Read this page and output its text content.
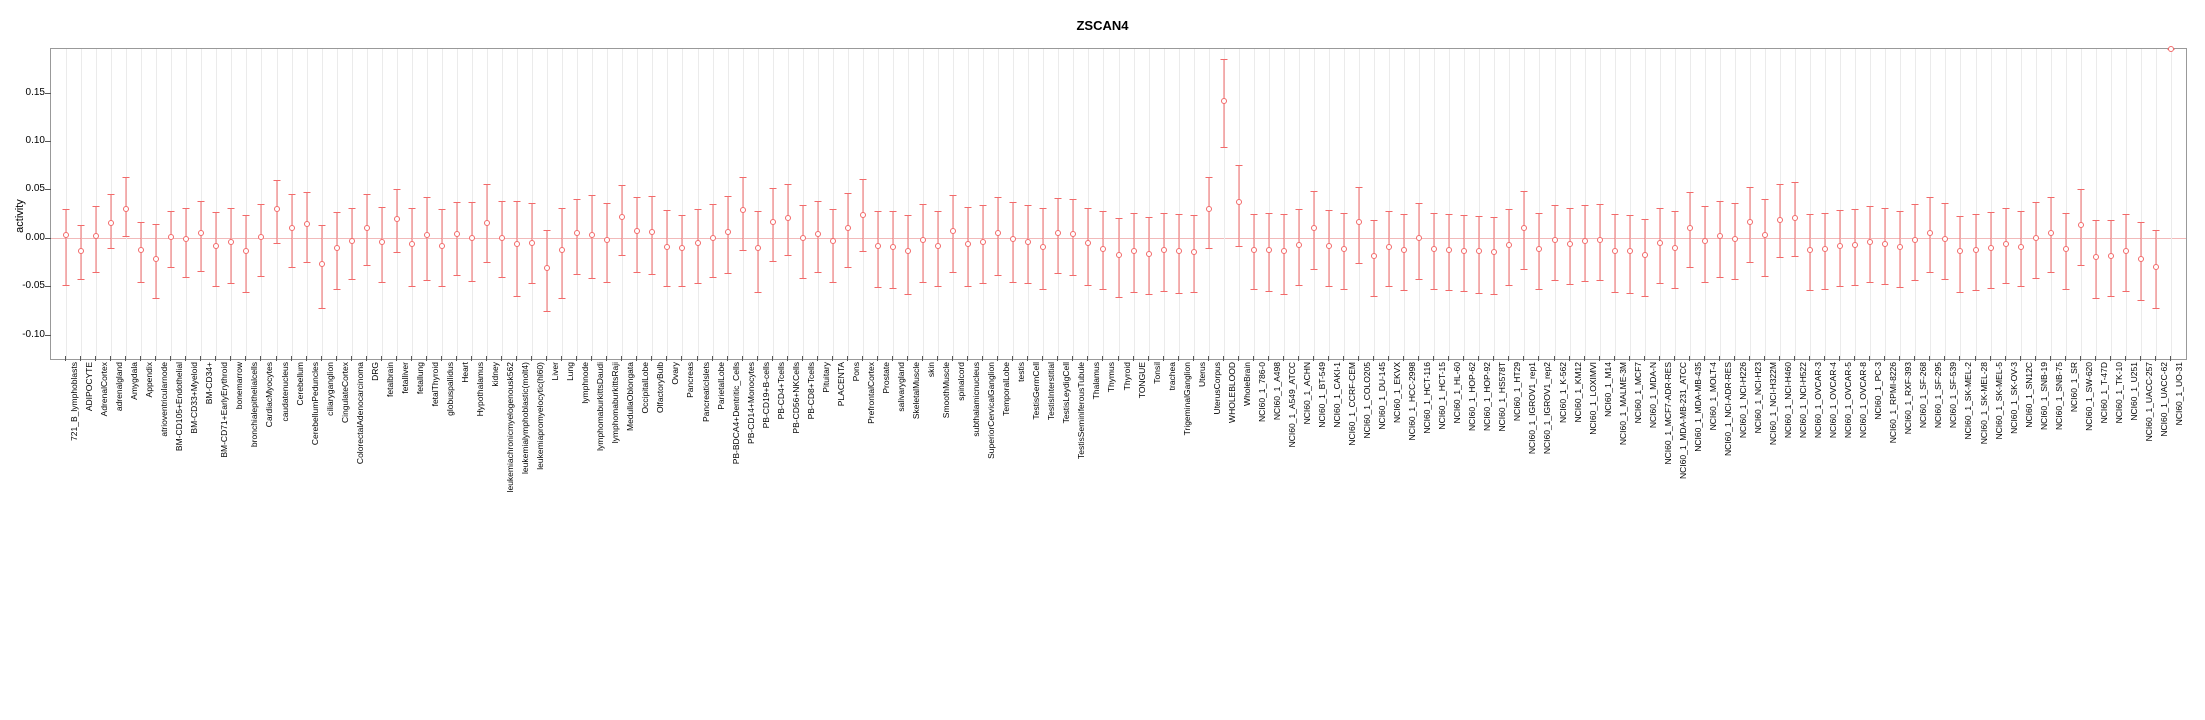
ZSCAN4
activity
-0.10
-0.05
0.00
0.05
0.10
0.15
721_B_lymphoblasts ADIPOCYTE AdrenalCortex adrenalgland Amygdala Appendix atrioventricularnode BM-CD105+Endothelial BM-CD33+Myeloid BM-CD34+ BM-CD71+EarlyErythroid bonemarrow bronchialepithelialcells CardiacMyocytes caudatenucleus Cerebellum CerebellumPeduncles ciliaryganglion CingulateCortex ColorectalAdenocarcinoma DRG fetalbrain fetalliver fetallung fetalThyroid globuspallidus Heart Hypothalamus kidney leukemiachronicmyelogenousk562 leukemialymphoblastic(molt4) leukemiapromyelocytic(hl60) Liver Lung lymphnode lymphomaburkittsDaudi lymphomaburkittsRaji MedullaOblongata OccipitalLobe OlfactoryBulb Ovary Pancreas PancreaticIslets ParietalLobe PB-BDCA4+Dentritic_Cells PB-CD14+Monocytes PB-CD19+B-cells PB-CD4+Tcells PB-CD56+NKCells PB-CD8+Tcells Pituitary PLACENTA Pons PrefrontalCortex Prostate salivarygland SkeletalMuscle skin SmoothMuscle spinalcord subthalamicnucleus SuperiorCervicalGanglion TemporalLobe testis TestisGermCell TestisInterstitial TestisLeydigCell TestisSeminiferousTubule Thalamus Thymus Thyroid TONGUE Tonsil trachea TrigeminalGanglion Uterus UterusCorpus WHOLEBLOOD WholeBrain NCI60_1_786-0 NCI60_1_A498 NCI60_1_A549_ATCC NCI60_1_ACHN NCI60_1_BT-549 NCI60_1_CAKI-1 NCI60_1_CCRF-CEM NCI60_1_COLO205 NCI60_1_DU-145 NCI60_1_EKVX NCI60_1_HCC-2998 NCI60_1_HCT-116 NCI60_1_HCT-15 NCI60_1_HL-60 NCI60_1_HOP-62 NCI60_1_HOP-92 NCI60_1_HS578T NCI60_1_HT29 NCI60_1_IGROV1_rep1 NCI60_1_IGROV1_rep2 NCI60_1_K-562 NCI60_1_KM12 NCI60_1_LOXIMVI NCI60_1_M14 NCI60_1_MALME-3M NCI60_1_MCF7 NCI60_1_MDA-N NCI60_1_MCF7-ADR-RES NCI60_1_MDA-MB-231_ATCC NCI60_1_MDA-MB-435 NCI60_1_MOLT-4 NCI60_1_NCI-ADR-RES NCI60_1_NCI-H226 NCI60_1_NCI-H23 NCI60_1_NCI-H322M NCI60_1_NCI-H460 NCI60_1_NCI-H522 NCI60_1_OVCAR-3 NCI60_1_OVCAR-4 NCI60_1_OVCAR-5 NCI60_1_OVCAR-8 NCI60_1_PC-3 NCI60_1_RPMI-8226 NCI60_1_RXF-393 NCI60_1_SF-268 NCI60_1_SF-295 NCI60_1_SF-539 NCI60_1_SK-MEL-2 NCI60_1_SK-MEL-28 NCI60_1_SK-MEL-5 NCI60_1_SK-OV-3 NCI60_1_SN12C NCI60_1_SNB-19 NCI60_1_SNB-75 NCI60_1_SR NCI60_1_SW-620 NCI60_1_T-47D NCI60_1_TK-10 NCI60_1_U251 NCI60_1_UACC-257 NCI60_1_UACC-62 NCI60_1_UO-31
